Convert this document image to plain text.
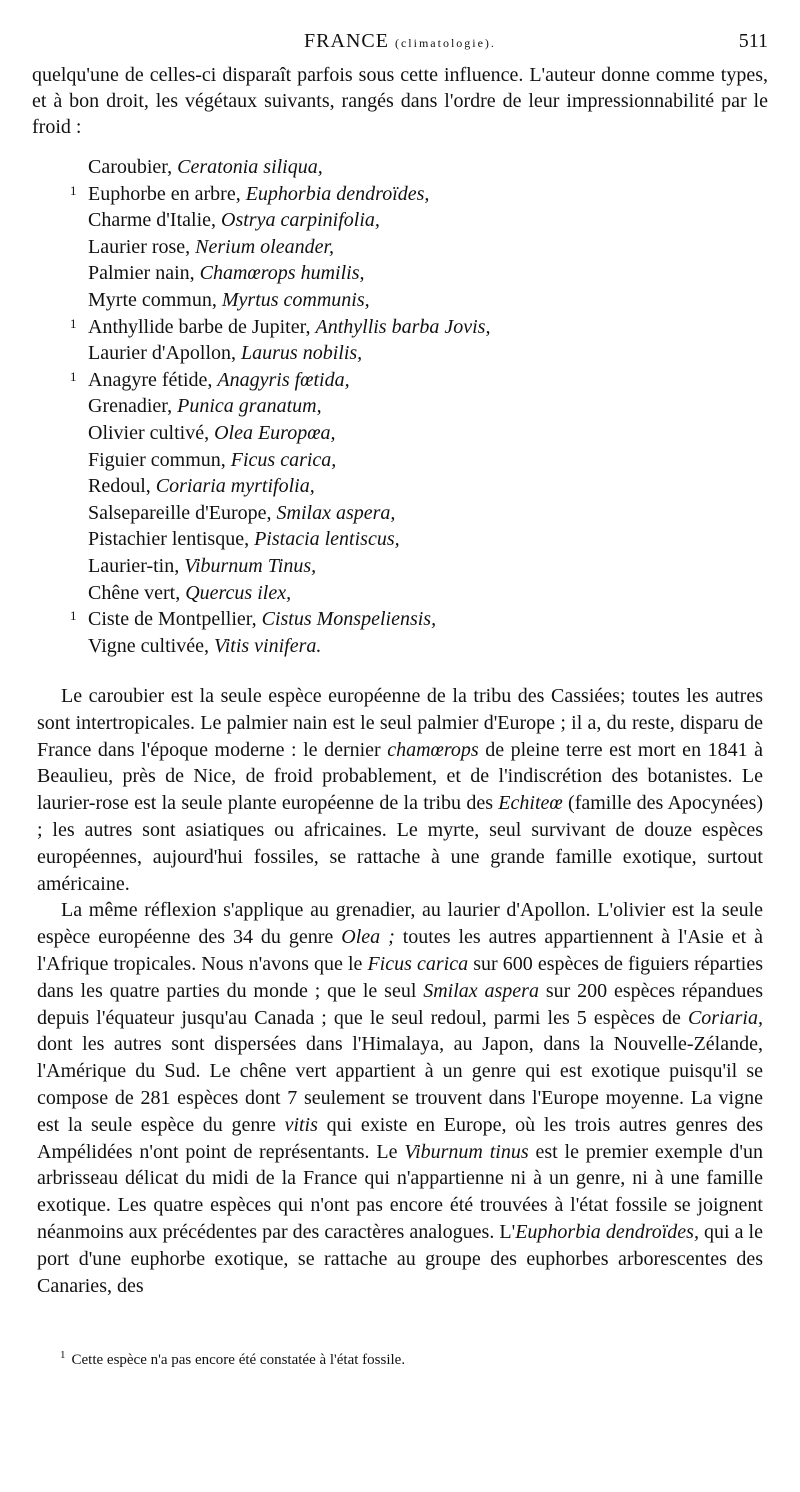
FRANCE (climatologie).	511

quelqu'une de celles-ci disparaît parfois sous cette influence. L'auteur donne comme types, et à bon droit, les végétaux suivants, rangés dans l'ordre de leur impressionnabilité par le froid :

Caroubier, Ceratonia siliqua,
1 Euphorbe en arbre, Euphorbia dendroïdes,
Charme d'Italie, Ostrya carpinifolia,
Laurier rose, Nerium oleander,
Palmier nain, Chamœrops humilis,
Myrte commun, Myrtus communis,
1 Anthyllide barbe de Jupiter, Anthyllis barba Jovis,
Laurier d'Apollon, Laurus nobilis,
1 Anagyre fétide, Anagyris fœtida,
Grenadier, Punica granatum,
Olivier cultivé, Olea Europœa,
Figuier commun, Ficus carica,
Redoul, Coriaria myrtifolia,
Salsepareille d'Europe, Smilax aspera,
Pistachier lentisque, Pistacia lentiscus,
Laurier-tin, Viburnum Tinus,
Chêne vert, Quercus ilex,
1 Ciste de Montpellier, Cistus Monspeliensis,
Vigne cultivée, Vitis vinifera.

Le caroubier est la seule espèce européenne de la tribu des Cassiées; toutes les autres sont intertropicales. Le palmier nain est le seul palmier d'Europe ; il a, du reste, disparu de France dans l'époque moderne : le dernier chamœrops de pleine terre est mort en 1841 à Beaulieu, près de Nice, de froid probablement, et de l'indiscrétion des botanistes. Le laurier-rose est la seule plante européenne de la tribu des Echiteœ (famille des Apocynées) ; les autres sont asiatiques ou africaines. Le myrte, seul survivant de douze espèces européennes, aujourd'hui fossiles, se rattache à une grande famille exotique, surtout américaine.

La même réflexion s'applique au grenadier, au laurier d'Apollon. L'olivier est la seule espèce européenne des 34 du genre Olea ; toutes les autres appartiennent à l'Asie et à l'Afrique tropicales. Nous n'avons que le Ficus carica sur 600 espèces de figuiers réparties dans les quatre parties du monde ; que le seul Smilax aspera sur 200 espèces répandues depuis l'équateur jusqu'au Canada ; que le seul redoul, parmi les 5 espèces de Coriaria, dont les autres sont dispersées dans l'Himalaya, au Japon, dans la Nouvelle-Zélande, l'Amérique du Sud. Le chêne vert appartient à un genre qui est exotique puisqu'il se compose de 281 espèces dont 7 seulement se trouvent dans l'Europe moyenne. La vigne est la seule espèce du genre vitis qui existe en Europe, où les trois autres genres des Ampélidées n'ont point de représentants. Le Viburnum tinus est le premier exemple d'un arbrisseau délicat du midi de la France qui n'appartienne ni à un genre, ni à une famille exotique. Les quatre espèces qui n'ont pas encore été trouvées à l'état fossile se joignent néanmoins aux précédentes par des caractères analogues. L'Euphorbia dendroïdes, qui a le port d'une euphorbe exotique, se rattache au groupe des euphorbes arborescentes des Canaries, des

$^1$ Cette espèce n'a pas encore été constatée à l'état fossile.
